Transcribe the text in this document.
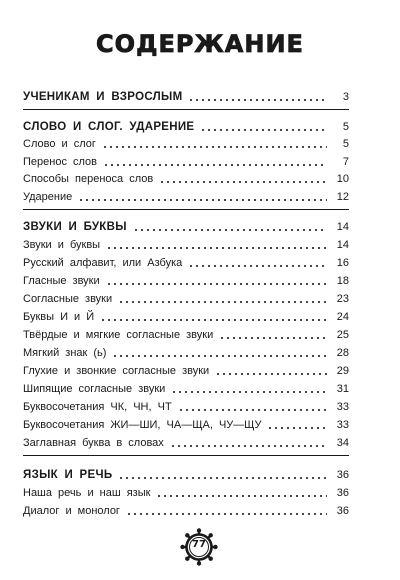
СОДЕРЖАНИЕ
УЧЕНИКАМ И ВЗРОСЛЫМ	3
СЛОВО И СЛОГ. УДАРЕНИЕ	5
Слово и слог	5
Перенос слов	7
Способы переноса слов	10
Ударение	12
ЗВУКИ И БУКВЫ	14
Звуки и буквы	14
Русский алфавит, или Азбука	16
Гласные звуки	18
Согласные звуки	23
Буквы И и Й	24
Твёрдые и мягкие согласные звуки	25
Мягкий знак (ь)	28
Глухие и звонкие согласные звуки	29
Шипящие согласные звуки	31
Буквосочетания ЧК, ЧН, ЧТ	33
Буквосочетания ЖИ—ШИ, ЧА—ЩА, ЧУ—ЩУ	33
Заглавная буква в словах	34
ЯЗЫК И РЕЧЬ	36
Наша речь и наш язык	36
Диалог и монолог	36
77
